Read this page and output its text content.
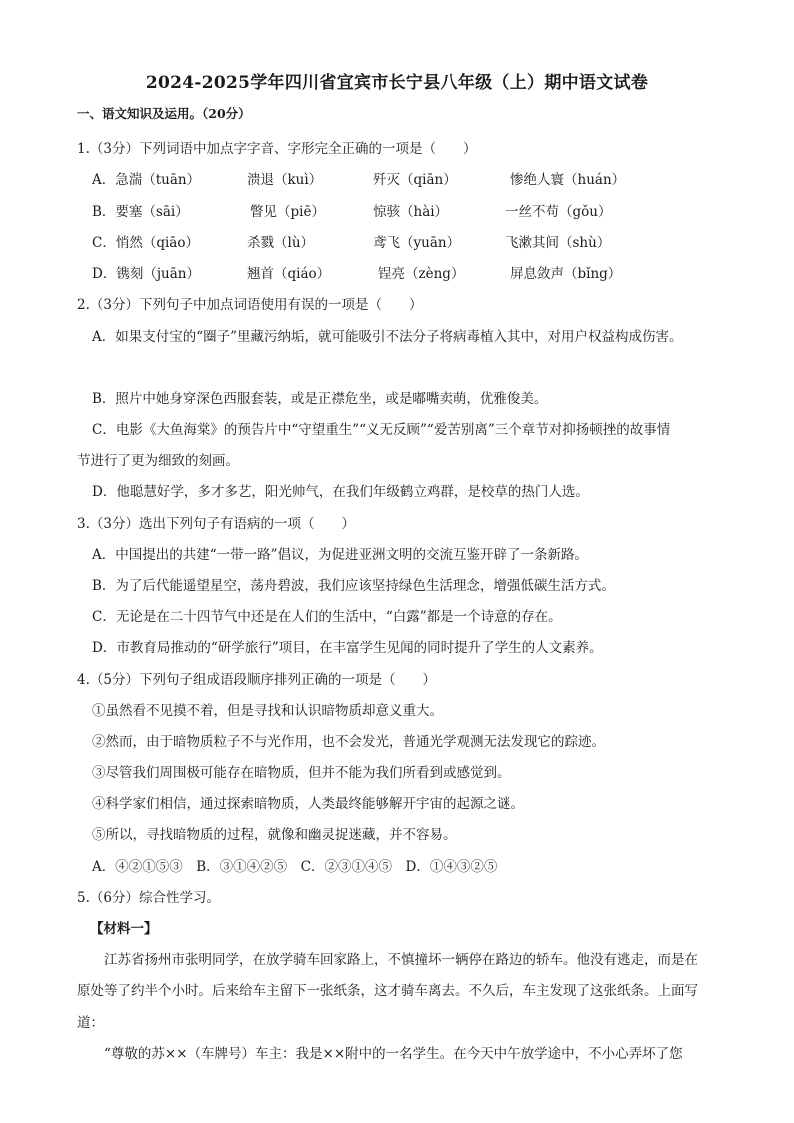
2024-2025学年四川省宜宾市长宁县八年级（上）期中语文试卷
一、语文知识及运用。（20分）
1.（3分）下列词语中加点字字音、字形完全正确的一项是（　　）
A．急湍（tuān）	溃退（kuì）	歼灭（qiān）	惨绝人寰（huán）
B．要塞（sāi）	瞥见（piē）	惊骇（hài）	一丝不苟（gǒu）
C．悄然（qiāo）	杀戮（lù）	鸢飞（yuān）	飞漱其间（shù）
D．镌刻（juān）	翘首（qiáo）	锃亮（zèng）	屏息敛声（bǐng）
2.（3分）下列句子中加点词语使用有误的一项是（　　）
A．如果支付宝的“圈子”里藏污纳垢，就可能吸引不法分子将病毒植入其中，对用户权益构成伤害。
B．照片中她身穿深色西服套装，或是正襟危坐，或是嘟嘴卖萌，优雅俊美。
C．电影《大鱼海棠》的预告片中“守望重生”“义无反顾”“爱苦别离”三个章节对抑扬顿挫的故事情
节进行了更为细致的刻画。
D．他聪慧好学，多才多艺，阳光帅气，在我们年级鹤立鸡群，是校草的热门人选。
3.（3分）选出下列句子有语病的一项（　　）
A．中国提出的共建“一带一路”倡议，为促进亚洲文明的交流互鉴开辟了一条新路。
B．为了后代能遥望星空，荡舟碧波，我们应该坚持绿色生活理念，增强低碳生活方式。
C．无论是在二十四节气中还是在人们的生活中，“白露”都是一个诗意的存在。
D．市教育局推动的“研学旅行”项目，在丰富学生见闻的同时提升了学生的人文素养。
4.（5分）下列句子组成语段顺序排列正确的一项是（　　）
①虽然看不见摸不着，但是寻找和认识暗物质却意义重大。
②然而，由于暗物质粒子不与光作用，也不会发光，普通光学观测无法发现它的踪迹。
③尽管我们周围极可能存在暗物质，但并不能为我们所看到或感觉到。
④科学家们相信，通过探索暗物质，人类最终能够解开宇宙的起源之谜。
⑤所以，寻找暗物质的过程，就像和幽灵捉迷藏，并不容易。
A．④②①⑤③　B．③①④②⑤　C．②③①④⑤　D．①④③②⑤
5.（6分）综合性学习。
【材料一】
江苏省扬州市张明同学，在放学骑车回家路上，不慎撞坏一辆停在路边的轿车。他没有逃走，而是在
原处等了约半个小时。后来给车主留下一张纸条，这才骑车离去。不久后，车主发现了这张纸条。上面写
道：
“尊敬的苏××（车牌号）车主：我是××附中的一名学生。在今天中午放学途中，不小心弄坏了您
